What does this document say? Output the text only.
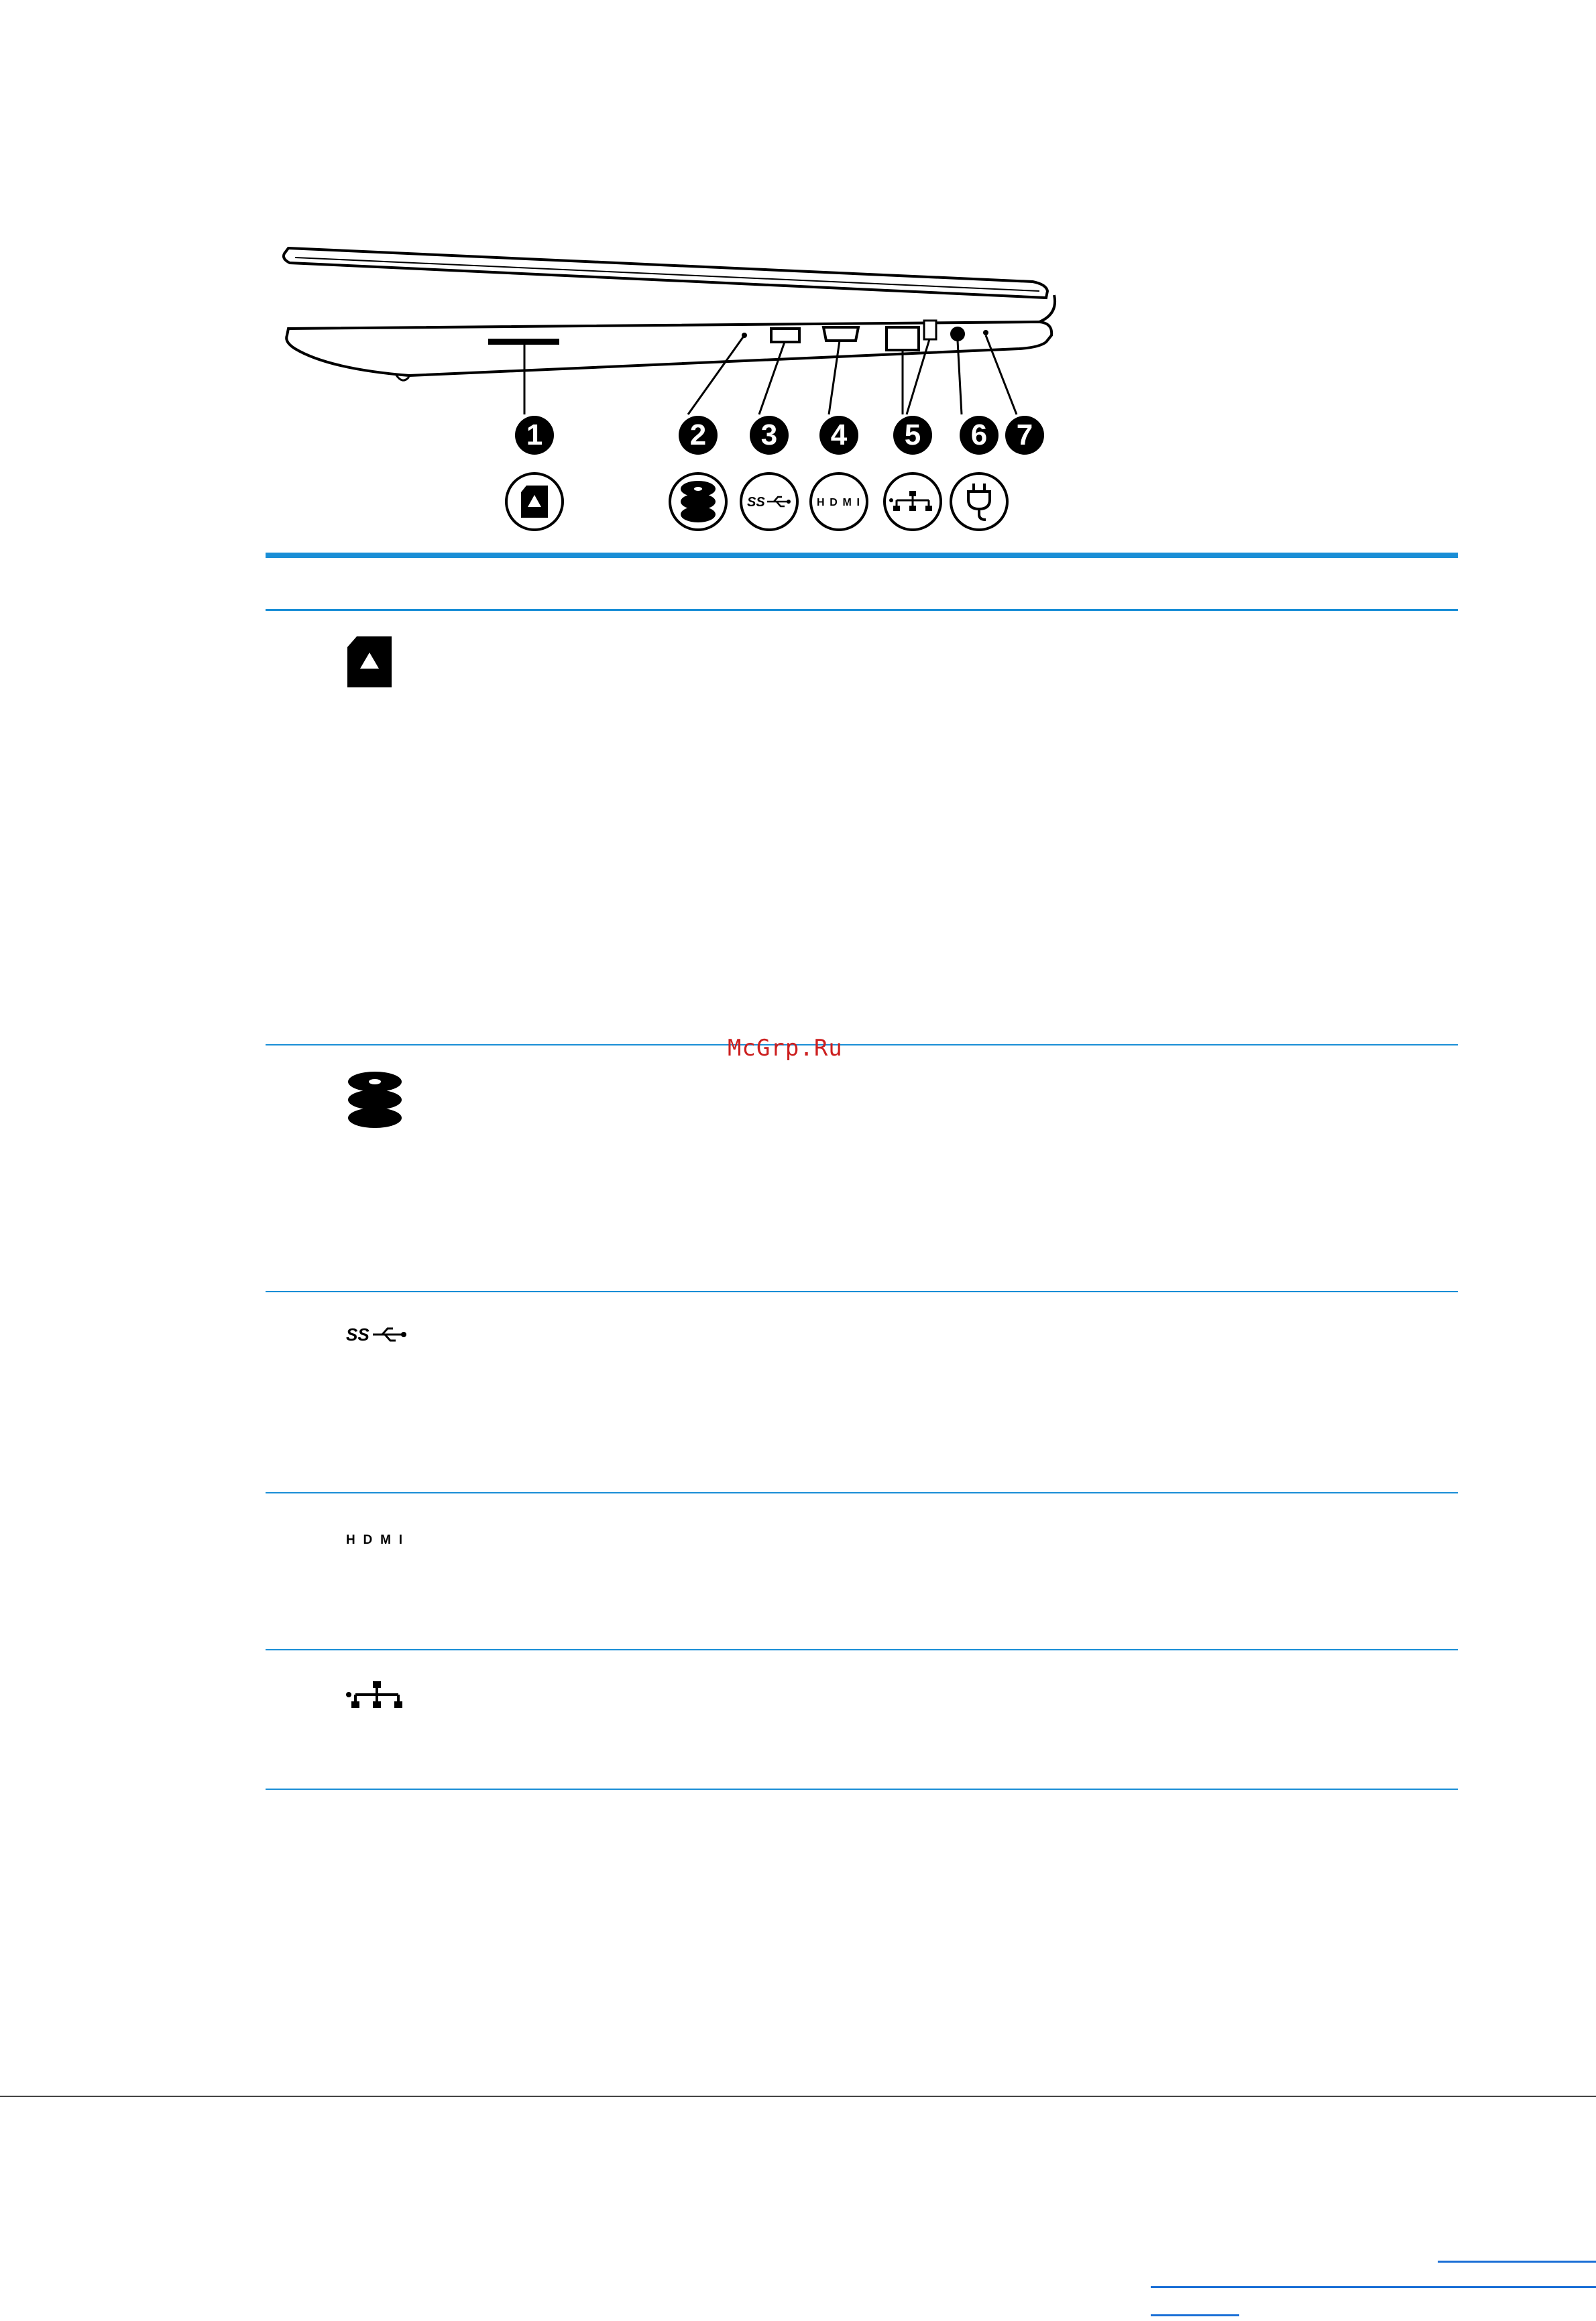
1	2	3
SS
4
HDMI
5	6 7
SS
HDMI
McGrp.Ru
